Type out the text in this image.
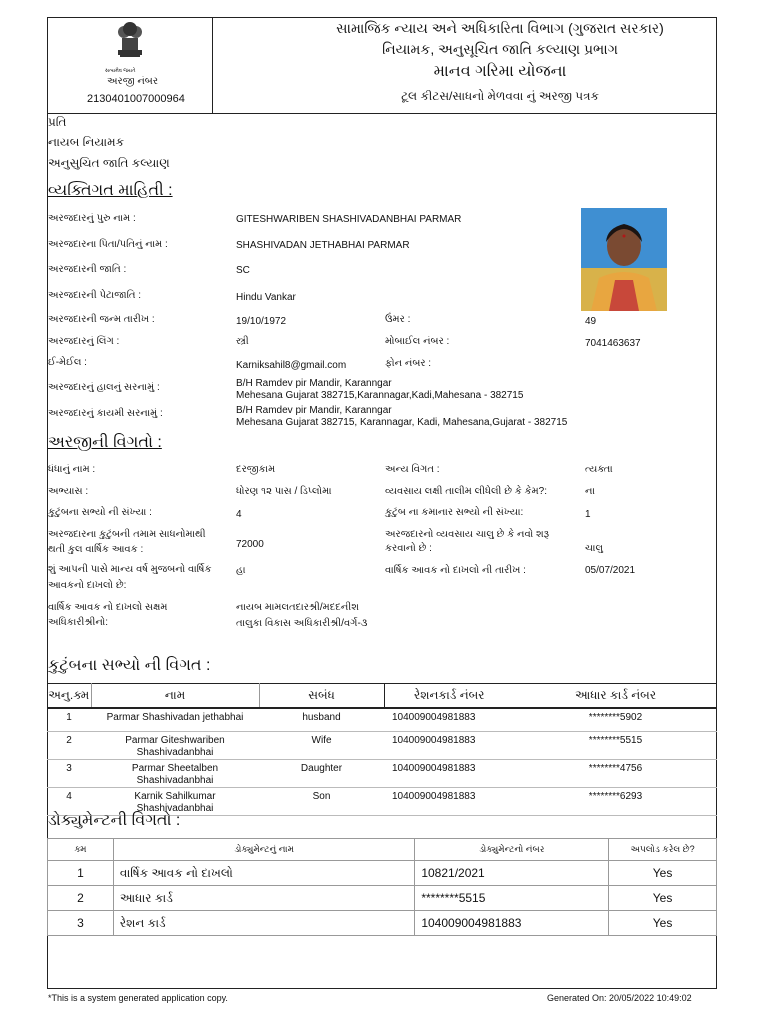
સત્યમેવ જયતે
અરજી નંબર
2130401007000964
સામાજિક ન્યાય અને અધિકારિતા વિભાગ (ગુજરાત સરકાર)
નિયામક, અનુસૂચિત જાતિ કલ્યાણ પ્રભાગ
માનવ ગરિમા યોજના
ટૂલ કીટસ/સાધનો મેળવવા નું અરજી પત્રક
પ્રતિ
નાયબ નિયામક
અનુસુચિત જાતિ કલ્યાણ
વ્યક્તિગત માહિતી :
અરજદારનું પુરુ નામ :	GITESHWARIBEN SHASHIVADANBHAI PARMAR
અરજદારના પિતા/પતિનું નામ :	SHASHIVADAN JETHABHAI PARMAR
અરજદારની જાતિ :	SC
અરજદારની પેટાજાતિ :	Hindu Vankar
અરજદારની જન્મ તારીખ :	19/10/1972	ઉંમર :	49
અરજદારનું લિંગ :	સ્ત્રી	મોબાઈલ નંબર :	7041463637
ઈ-મેઈલ :	Karniksahil8@gmail.com	ફોન નંબર :
અરજદારનું હાલનું સરનામું :	B/H Ramdev pir Mandir, Karanngar
Mehesana Gujarat 382715,Karannagar,Kadi,Mahesana - 382715
અરજદારનું કાયમી સરનામું :	B/H Ramdev pir Mandir, Karanngar
Mehesana Gujarat 382715, Karannagar, Kadi, Mahesana,Gujarat - 382715
અરજીની વિગતો :
ધંધાનું નામ :	દરજીકામ	અન્ય વિગત :	ત્યક્તા
અભ્યાસ :	ધોરણ ૧૨ પાસ / ડિપ્લોમા	વ્યવસાય લક્ષી તાલીમ લીધેલી છે કે કેમ?:	ના
કુટુંબના સભ્યો ની સંખ્યા :	4	કુટુંબ ના કમાનાર સભ્યો ની સંખ્યા:	1
અરજદારના કુટુંબની તમામ સાધનોમાથી
થતી કુલ વાર્ષિક આવક :	72000
અરજદારનો વ્યવસાય ચાલુ છે કે નવો શરૂ
કરવાનો છે :	ચાલુ
શું આપની પાસે માન્ય વર્ષ મુજબનો વાર્ષિક
આવકનો દાખલો છે:
હા	વાર્ષિક આવક નો દાખલો ની તારીખ :	05/07/2021
વાર્ષિક આવક નો દાખલો સક્ષમ
અધિકારીશ્રીનો:
નાયબ મામલતદારશ્રી/મદદનીશ
તાલુકા વિકાસ અધિકારીશ્રી/વર્ગ-૩
કુટુંબના સભ્યો ની વિગત :
અનુ.ક્મ	નામ	સબંધ	રેશનકાર્ડ નંબર	આધાર કાર્ડ નંબર
1	Parmar Shashivadan jethabhai	husband	104009004981883	********5902
2	Parmar Giteshwariben
Shashivadanbhai	Wife	104009004981883	********5515
3	Parmar Sheetalben
Shashivadanbhai	Daughter	104009004981883	********4756
4	Karnik Sahilkumar
Shashivadanbhai	Son	104009004981883	********6293
ડોક્યુમેન્ટની વિગતો :
ક્મ	ડોક્યુમેન્ટનું નામ	ડોક્યુમેન્ટનો નંબર	અપલોડ કરેલ છે?
1	વાર્ષિક આવક નો દાખલો	10821/2021	Yes
2	આધાર કાર્ડ	********5515	Yes
3	રેશન કાર્ડ	104009004981883	Yes
*This is a system generated application copy.	Generated On: 20/05/2022 10:49:02
